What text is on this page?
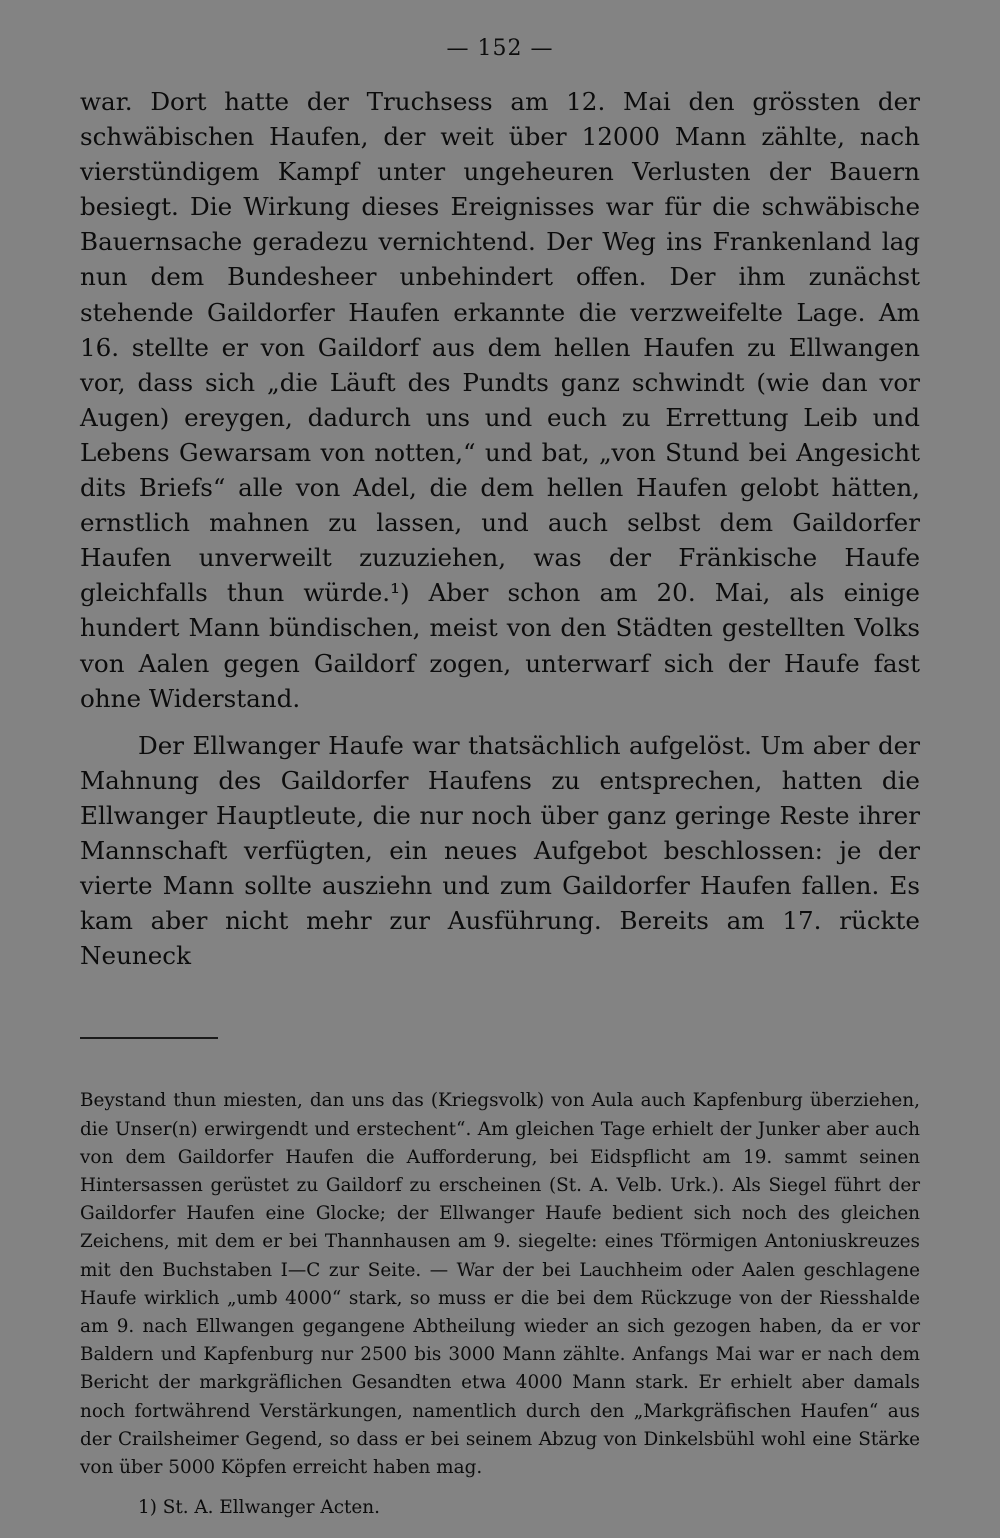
— 152 —

war. Dort hatte der Truchsess am 12. Mai den grössten der schwäbischen Haufen, der weit über 12000 Mann zählte, nach vierstündigem Kampf unter ungeheuren Verlusten der Bauern besiegt. Die Wirkung dieses Ereignisses war für die schwäbische Bauernsache geradezu vernichtend. Der Weg ins Frankenland lag nun dem Bundesheer unbehindert offen. Der ihm zunächst stehende Gaildorfer Haufen erkannte die verzweifelte Lage. Am 16. stellte er von Gaildorf aus dem hellen Haufen zu Ellwangen vor, dass sich „die Läuft des Pundts ganz schwindt (wie dan vor Augen) ereygen, dadurch uns und euch zu Errettung Leib und Lebens Gewarsam von notten,“ und bat, „von Stund bei Angesicht dits Briefs“ alle von Adel, die dem hellen Haufen gelobt hätten, ernstlich mahnen zu lassen, und auch selbst dem Gaildorfer Haufen unverweilt zuzuziehen, was der Fränkische Haufe gleichfalls thun würde.¹) Aber schon am 20. Mai, als einige hundert Mann bündischen, meist von den Städten gestellten Volks von Aalen gegen Gaildorf zogen, unterwarf sich der Haufe fast ohne Widerstand.

Der Ellwanger Haufe war thatsächlich aufgelöst. Um aber der Mahnung des Gaildorfer Haufens zu entsprechen, hatten die Ellwanger Hauptleute, die nur noch über ganz geringe Reste ihrer Mannschaft verfügten, ein neues Aufgebot beschlossen: je der vierte Mann sollte ausziehn und zum Gaildorfer Haufen fallen. Es kam aber nicht mehr zur Ausführung. Bereits am 17. rückte Neuneck

Beystand thun miesten, dan uns das (Kriegsvolk) von Aula auch Kapfenburg überziehen, die Unser(n) erwirgendt und erstechent“. Am gleichen Tage erhielt der Junker aber auch von dem Gaildorfer Haufen die Aufforderung, bei Eidspflicht am 19. sammt seinen Hintersassen gerüstet zu Gaildorf zu erscheinen (St. A. Velb. Urk.). Als Siegel führt der Gaildorfer Haufen eine Glocke; der Ellwanger Haufe bedient sich noch des gleichen Zeichens, mit dem er bei Thannhausen am 9. siegelte: eines Tförmigen Antoniuskreuzes mit den Buchstaben I—C zur Seite. — War der bei Lauchheim oder Aalen geschlagene Haufe wirklich „umb 4000“ stark, so muss er die bei dem Rückzuge von der Riesshalde am 9. nach Ellwangen gegangene Abtheilung wieder an sich gezogen haben, da er vor Baldern und Kapfenburg nur 2500 bis 3000 Mann zählte. Anfangs Mai war er nach dem Bericht der markgräflichen Gesandten etwa 4000 Mann stark. Er erhielt aber damals noch fortwährend Verstärkungen, namentlich durch den „Markgräfischen Haufen“ aus der Crailsheimer Gegend, so dass er bei seinem Abzug von Dinkelsbühl wohl eine Stärke von über 5000 Köpfen erreicht haben mag.

1) St. A. Ellwanger Acten.
